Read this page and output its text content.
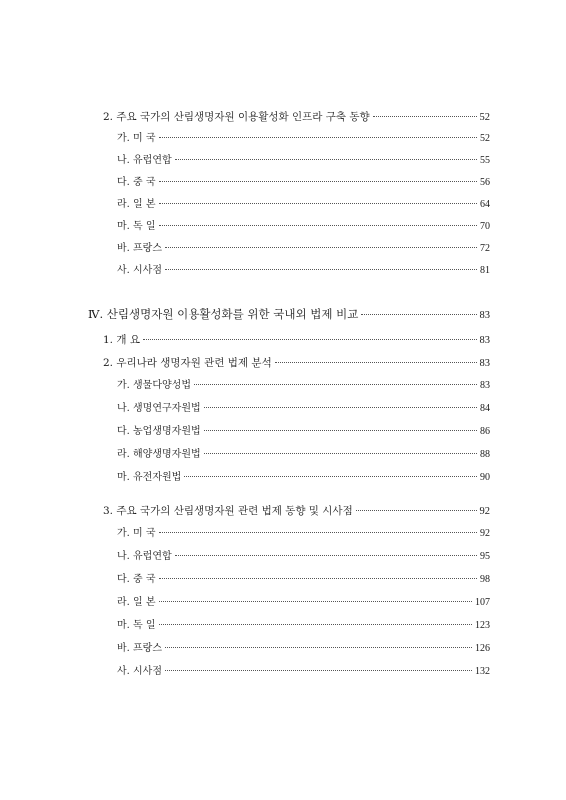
2. 주요 국가의 산림생명자원 이용활성화 인프라 구축 동향	52
가. 미 국	52
나. 유럽연합	55
다. 중 국	56
라. 일 본	64
마. 독 일	70
바. 프랑스	72
사. 시사점	81
Ⅳ. 산림생명자원 이용활성화를 위한 국내외 법제 비교	83
1. 개 요	83
2. 우리나라 생명자원 관련 법제 분석	83
가. 생물다양성법	83
나. 생명연구자원법	84
다. 농업생명자원법	86
라. 해양생명자원법	88
마. 유전자원법	90
3. 주요 국가의 산림생명자원 관련 법제 동향 및 시사점	92
가. 미 국	92
나. 유럽연합	95
다. 중 국	98
라. 일 본	107
마. 독 일	123
바. 프랑스	126
사. 시사점	132
